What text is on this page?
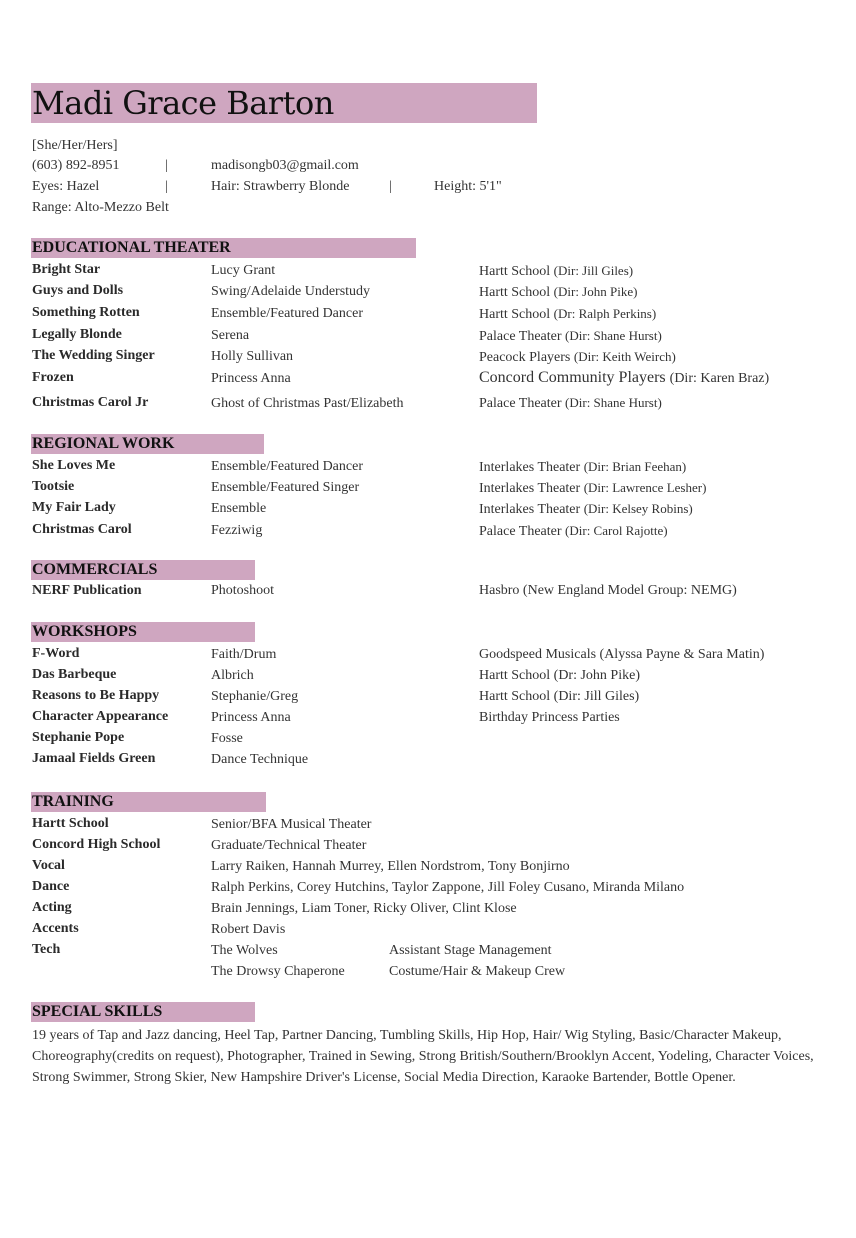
Madi Grace Barton
[She/Her/Hers]
(603) 892-8951	|	madisongb03@gmail.com
Eyes: Hazel	|	Hair: Strawberry Blonde	|	Height: 5'1"
Range: Alto-Mezzo Belt
EDUCATIONAL THEATER
Bright Star	Lucy Grant	Hartt School (Dir: Jill Giles)
Guys and Dolls	Swing/Adelaide Understudy	Hartt School (Dir: John Pike)
Something Rotten	Ensemble/Featured Dancer	Hartt School (Dr: Ralph Perkins)
Legally Blonde	Serena	Palace Theater (Dir: Shane Hurst)
The Wedding Singer	Holly Sullivan	Peacock Players (Dir: Keith Weirch)
Frozen	Princess Anna	Concord Community Players (Dir: Karen Braz)
Christmas Carol Jr	Ghost of Christmas Past/Elizabeth	Palace Theater (Dir: Shane Hurst)
REGIONAL WORK
She Loves Me	Ensemble/Featured Dancer	Interlakes Theater (Dir: Brian Feehan)
Tootsie	Ensemble/Featured Singer	Interlakes Theater (Dir: Lawrence Lesher)
My Fair Lady	Ensemble	Interlakes Theater (Dir: Kelsey Robins)
Christmas Carol	Fezziwig	Palace Theater (Dir: Carol Rajotte)
COMMERCIALS
NERF Publication	Photoshoot	Hasbro (New England Model Group: NEMG)
WORKSHOPS
F-Word	Faith/Drum	Goodspeed Musicals (Alyssa Payne & Sara Matin)
Das Barbeque	Albrich	Hartt School (Dr: John Pike)
Reasons to Be Happy	Stephanie/Greg	Hartt School (Dir: Jill Giles)
Character Appearance	Princess Anna	Birthday Princess Parties
Stephanie Pope	Fosse
Jamaal Fields Green	Dance Technique
TRAINING
Hartt School	Senior/BFA Musical Theater
Concord High School	Graduate/Technical Theater
Vocal	Larry Raiken, Hannah Murrey, Ellen Nordstrom, Tony Bonjirno
Dance	Ralph Perkins, Corey Hutchins, Taylor Zappone, Jill Foley Cusano, Miranda Milano
Acting	Brain Jennings, Liam Toner, Ricky Oliver, Clint Klose
Accents	Robert Davis
Tech	The Wolves	Assistant Stage Management
The Drowsy Chaperone	Costume/Hair & Makeup Crew
SPECIAL SKILLS
19 years of Tap and Jazz dancing, Heel Tap, Partner Dancing, Tumbling Skills, Hip Hop, Hair/ Wig Styling, Basic/Character Makeup, Choreography(credits on request), Photographer, Trained in Sewing, Strong British/Southern/Brooklyn Accent, Yodeling, Character Voices, Strong Swimmer, Strong Skier, New Hampshire Driver's License, Social Media Direction, Karaoke Bartender, Bottle Opener.
